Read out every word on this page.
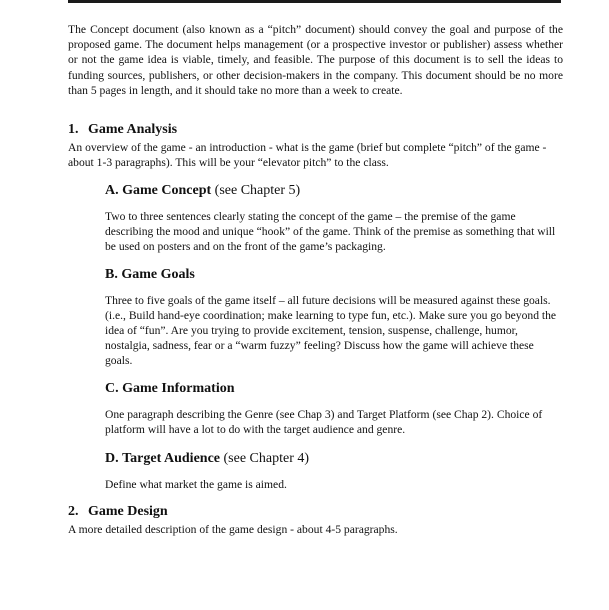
The Concept document (also known as a “pitch” document) should convey the goal and purpose of the proposed game. The document helps management (or a prospective investor or publisher) assess whether or not the game idea is viable, timely, and feasible. The purpose of this document is to sell the ideas to funding sources, publishers, or other decision-makers in the company. This document should be no more than 5 pages in length, and it should take no more than a week to create.

1. Game Analysis

An overview of the game - an introduction - what is the game (brief but complete “pitch” of the game - about 1-3 paragraphs). This will be your “elevator pitch” to the class.

A. Game Concept (see Chapter 5)

Two to three sentences clearly stating the concept of the game – the premise of the game describing the mood and unique “hook” of the game. Think of the premise as something that will be used on posters and on the front of the game’s packaging.

B. Game Goals

Three to five goals of the game itself – all future decisions will be measured against these goals. (i.e., Build hand-eye coordination; make learning to type fun, etc.). Make sure you go beyond the idea of “fun”. Are you trying to provide excitement, tension, suspense, challenge, humor, nostalgia, sadness, fear or a “warm fuzzy” feeling? Discuss how the game will achieve these goals.

C. Game Information

One paragraph describing the Genre (see Chap 3) and Target Platform (see Chap 2). Choice of platform will have a lot to do with the target audience and genre.

D. Target Audience (see Chapter 4)

Define what market the game is aimed.

2. Game Design

A more detailed description of the game design - about 4-5 paragraphs.
